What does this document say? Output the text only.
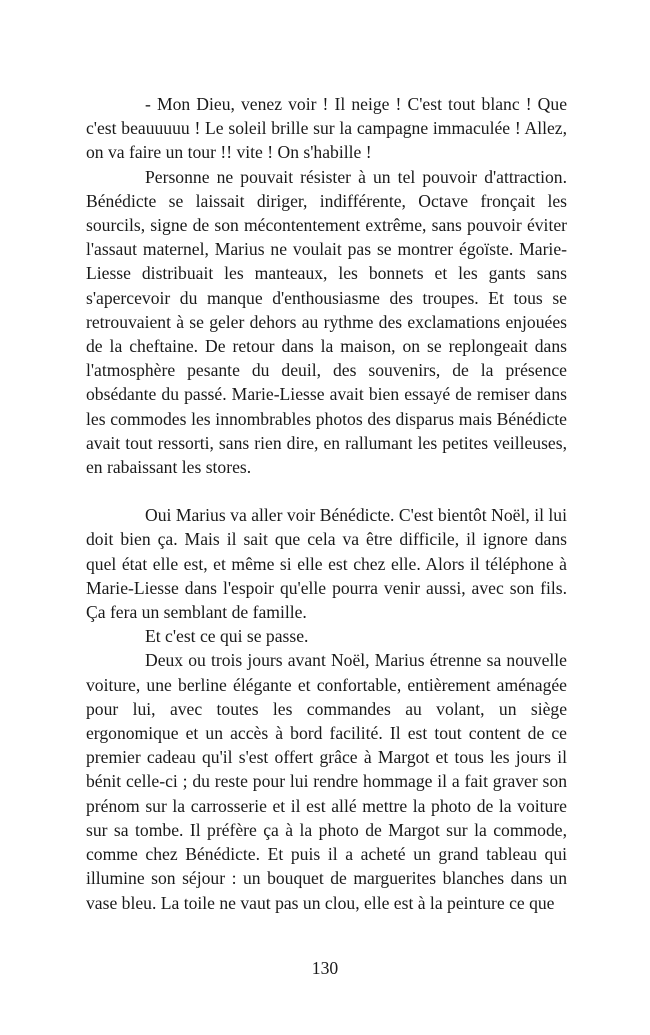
- Mon Dieu, venez voir ! Il neige ! C'est tout blanc ! Que c'est beauuuuu ! Le soleil brille sur la campagne immaculée ! Allez, on va faire un tour !! vite ! On s'habille !

Personne ne pouvait résister à un tel pouvoir d'attraction. Bénédicte se laissait diriger, indifférente, Octave fronçait les sourcils, signe de son mécontentement extrême, sans pouvoir éviter l'assaut maternel, Marius ne voulait pas se montrer égoïste. Marie-Liesse distribuait les manteaux, les bonnets et les gants sans s'apercevoir du manque d'enthousiasme des troupes. Et tous se retrouvaient à se geler dehors au rythme des exclamations enjouées de la cheftaine. De retour dans la maison, on se replongeait dans l'atmosphère pesante du deuil, des souvenirs, de la présence obsédante du passé. Marie-Liesse avait bien essayé de remiser dans les commodes les innombrables photos des disparus mais Bénédicte avait tout ressorti, sans rien dire, en rallumant les petites veilleuses, en rabaissant les stores.

Oui Marius va aller voir Bénédicte. C'est bientôt Noël, il lui doit bien ça. Mais il sait que cela va être difficile, il ignore dans quel état elle est, et même si elle est chez elle. Alors il téléphone à Marie-Liesse dans l'espoir qu'elle pourra venir aussi, avec son fils. Ça fera un semblant de famille.

Et c'est ce qui se passe.

Deux ou trois jours avant Noël, Marius étrenne sa nouvelle voiture, une berline élégante et confortable, entièrement aménagée pour lui, avec toutes les commandes au volant, un siège ergonomique et un accès à bord facilité. Il est tout content de ce premier cadeau qu'il s'est offert grâce à Margot et tous les jours il bénit celle-ci ; du reste pour lui rendre hommage il a fait graver son prénom sur la carrosserie et il est allé mettre la photo de la voiture sur sa tombe. Il préfère ça à la photo de Margot sur la commode, comme chez Bénédicte. Et puis il a acheté un grand tableau qui illumine son séjour : un bouquet de marguerites blanches dans un vase bleu. La toile ne vaut pas un clou, elle est à la peinture ce que

130
